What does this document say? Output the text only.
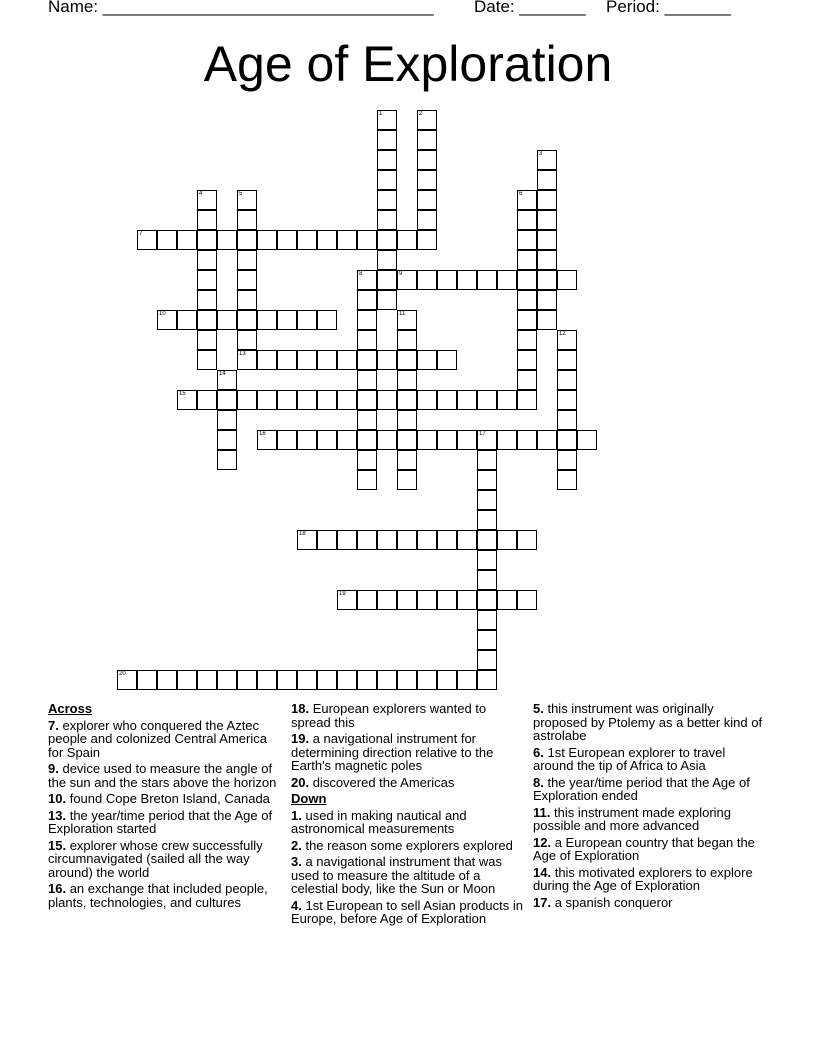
Name: ___________________________________ Date: _______ Period: _______
Age of Exploration
1	2
3
4	5	6
7
8	9
10	11
12
13
14
15
16	17
18
19
20
Across
7. explorer who conquered the Aztec people and colonized Central America for Spain
9. device used to measure the angle of the sun and the stars above the horizon
10. found Cope Breton Island, Canada
13. the year/time period that the Age of Exploration started
15. explorer whose crew successfully circumnavigated (sailed all the way around) the world
16. an exchange that included people, plants, technologies, and cultures
18. European explorers wanted to spread this
19. a navigational instrument for determining direction relative to the Earth's magnetic poles
20. discovered the Americas
Down
1. used in making nautical and astronomical measurements
2. the reason some explorers explored
3. a navigational instrument that was used to measure the altitude of a celestial body, like the Sun or Moon
4. 1st European to sell Asian products in Europe, before Age of Exploration
5. this instrument was originally proposed by Ptolemy as a better kind of astrolabe
6. 1st European explorer to travel around the tip of Africa to Asia
8. the year/time period that the Age of Exploration ended
11. this instrument made exploring possible and more advanced
12. a European country that began the Age of Exploration
14. this motivated explorers to explore during the Age of Exploration
17. a spanish conqueror
